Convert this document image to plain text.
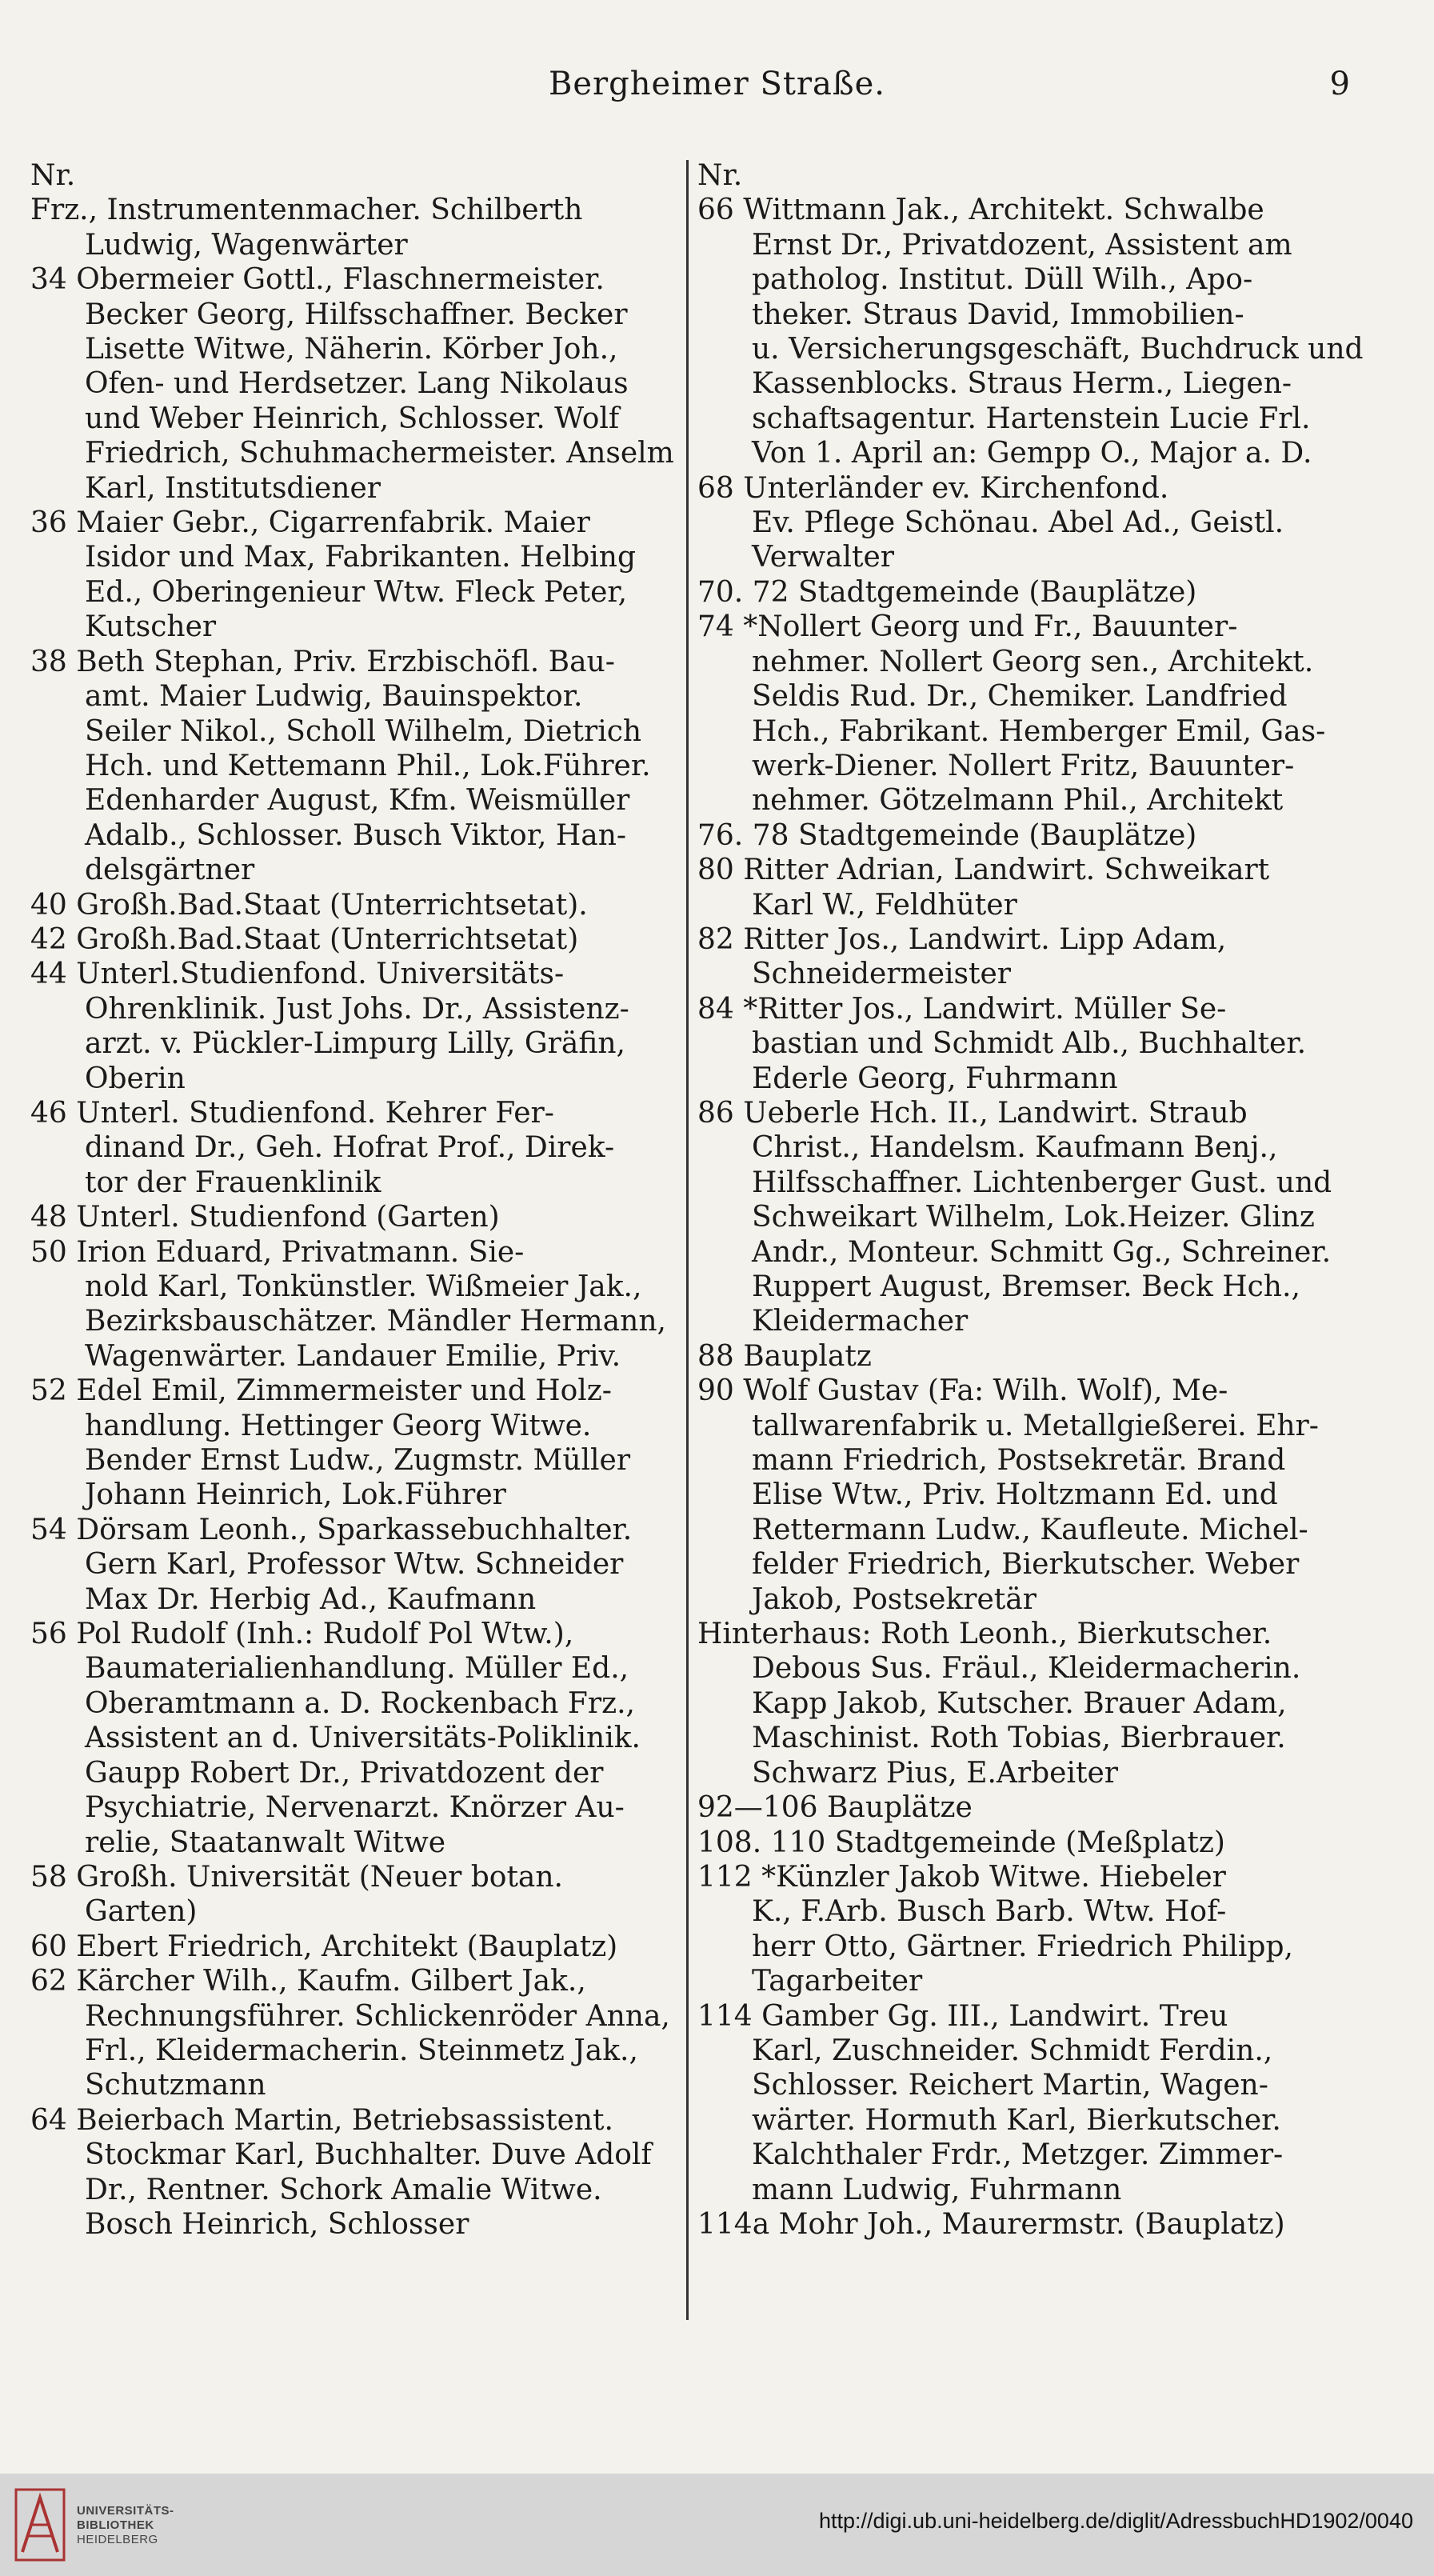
Bergheimer Straße.	9
Nr.
Frz., Instrumentenmacher. Schilberth
Ludwig, Wagenwärter
34 Obermeier Gottl., Flaschnermeister.
Becker Georg, Hilfsschaffner. Becker
Lisette Witwe, Näherin. Körber Joh.,
Ofen- und Herdsetzer. Lang Nikolaus
und Weber Heinrich, Schlosser. Wolf
Friedrich, Schuhmachermeister. Anselm
Karl, Institutsdiener
36 Maier Gebr., Cigarrenfabrik. Maier
Isidor und Max, Fabrikanten. Helbing
Ed., Oberingenieur Wtw. Fleck Peter,
Kutscher
38 Beth Stephan, Priv. Erzbischöfl. Bau-
amt. Maier Ludwig, Bauinspektor.
Seiler Nikol., Scholl Wilhelm, Dietrich
Hch. und Kettemann Phil., Lok.Führer.
Edenharder August, Kfm. Weismüller
Adalb., Schlosser. Busch Viktor, Han-
delsgärtner
40 Großh.Bad.Staat (Unterrichtsetat).
42 Großh.Bad.Staat (Unterrichtsetat)
44 Unterl.Studienfond. Universitäts-
Ohrenklinik. Just Johs. Dr., Assistenz-
arzt. v. Pückler-Limpurg Lilly, Gräfin,
Oberin
46 Unterl. Studienfond. Kehrer Fer-
dinand Dr., Geh. Hofrat Prof., Direk-
tor der Frauenklinik
48 Unterl. Studienfond (Garten)
50 Irion Eduard, Privatmann. Sie-
nold Karl, Tonkünstler. Wißmeier Jak.,
Bezirksbauschätzer. Mändler Hermann,
Wagenwärter. Landauer Emilie, Priv.
52 Edel Emil, Zimmermeister und Holz-
handlung. Hettinger Georg Witwe.
Bender Ernst Ludw., Zugmstr. Müller
Johann Heinrich, Lok.Führer
54 Dörsam Leonh., Sparkassebuchhalter.
Gern Karl, Professor Wtw. Schneider
Max Dr. Herbig Ad., Kaufmann
56 Pol Rudolf (Inh.: Rudolf Pol Wtw.),
Baumaterialienhandlung. Müller Ed.,
Oberamtmann a. D. Rockenbach Frz.,
Assistent an d. Universitäts-Poliklinik.
Gaupp Robert Dr., Privatdozent der
Psychiatrie, Nervenarzt. Knörzer Au-
relie, Staatanwalt Witwe
58 Großh. Universität (Neuer botan.
Garten)
60 Ebert Friedrich, Architekt (Bauplatz)
62 Kärcher Wilh., Kaufm. Gilbert Jak.,
Rechnungsführer. Schlickenröder Anna,
Frl., Kleidermacherin. Steinmetz Jak.,
Schutzmann
64 Beierbach Martin, Betriebsassistent.
Stockmar Karl, Buchhalter. Duve Adolf
Dr., Rentner. Schork Amalie Witwe.
Bosch Heinrich, Schlosser
Nr.
66 Wittmann Jak., Architekt. Schwalbe
Ernst Dr., Privatdozent, Assistent am
patholog. Institut. Düll Wilh., Apo-
theker. Straus David, Immobilien-
u. Versicherungsgeschäft, Buchdruck und
Kassenblocks. Straus Herm., Liegen-
schaftsagentur. Hartenstein Lucie Frl.
Von 1. April an: Gempp O., Major a. D.
68 Unterländer ev. Kirchenfond.
Ev. Pflege Schönau. Abel Ad., Geistl.
Verwalter
70. 72 Stadtgemeinde (Bauplätze)
74 *Nollert Georg und Fr., Bauunter-
nehmer. Nollert Georg sen., Architekt.
Seldis Rud. Dr., Chemiker. Landfried
Hch., Fabrikant. Hemberger Emil, Gas-
werk-Diener. Nollert Fritz, Bauunter-
nehmer. Götzelmann Phil., Architekt
76. 78 Stadtgemeinde (Bauplätze)
80 Ritter Adrian, Landwirt. Schweikart
Karl W., Feldhüter
82 Ritter Jos., Landwirt. Lipp Adam,
Schneidermeister
84 *Ritter Jos., Landwirt. Müller Se-
bastian und Schmidt Alb., Buchhalter.
Ederle Georg, Fuhrmann
86 Ueberle Hch. II., Landwirt. Straub
Christ., Handelsm. Kaufmann Benj.,
Hilfsschaffner. Lichtenberger Gust. und
Schweikart Wilhelm, Lok.Heizer. Glinz
Andr., Monteur. Schmitt Gg., Schreiner.
Ruppert August, Bremser. Beck Hch.,
Kleidermacher
88 Bauplatz
90 Wolf Gustav (Fa: Wilh. Wolf), Me-
tallwarenfabrik u. Metallgießerei. Ehr-
mann Friedrich, Postsekretär. Brand
Elise Wtw., Priv. Holtzmann Ed. und
Rettermann Ludw., Kaufleute. Michel-
felder Friedrich, Bierkutscher. Weber
Jakob, Postsekretär
Hinterhaus: Roth Leonh., Bierkutscher.
Debous Sus. Fräul., Kleidermacherin.
Kapp Jakob, Kutscher. Brauer Adam,
Maschinist. Roth Tobias, Bierbrauer.
Schwarz Pius, E.Arbeiter
92—106 Bauplätze
108. 110 Stadtgemeinde (Meßplatz)
112 *Künzler Jakob Witwe. Hiebeler
K., F.Arb. Busch Barb. Wtw. Hof-
herr Otto, Gärtner. Friedrich Philipp,
Tagarbeiter
114 Gamber Gg. III., Landwirt. Treu
Karl, Zuschneider. Schmidt Ferdin.,
Schlosser. Reichert Martin, Wagen-
wärter. Hormuth Karl, Bierkutscher.
Kalchthaler Frdr., Metzger. Zimmer-
mann Ludwig, Fuhrmann
114a Mohr Joh., Maurermstr. (Bauplatz)
UNIVERSITÄTS-
BIBLIOTHEK
HEIDELBERG
http://digi.ub.uni-heidelberg.de/diglit/AdressbuchHD1902/0040
